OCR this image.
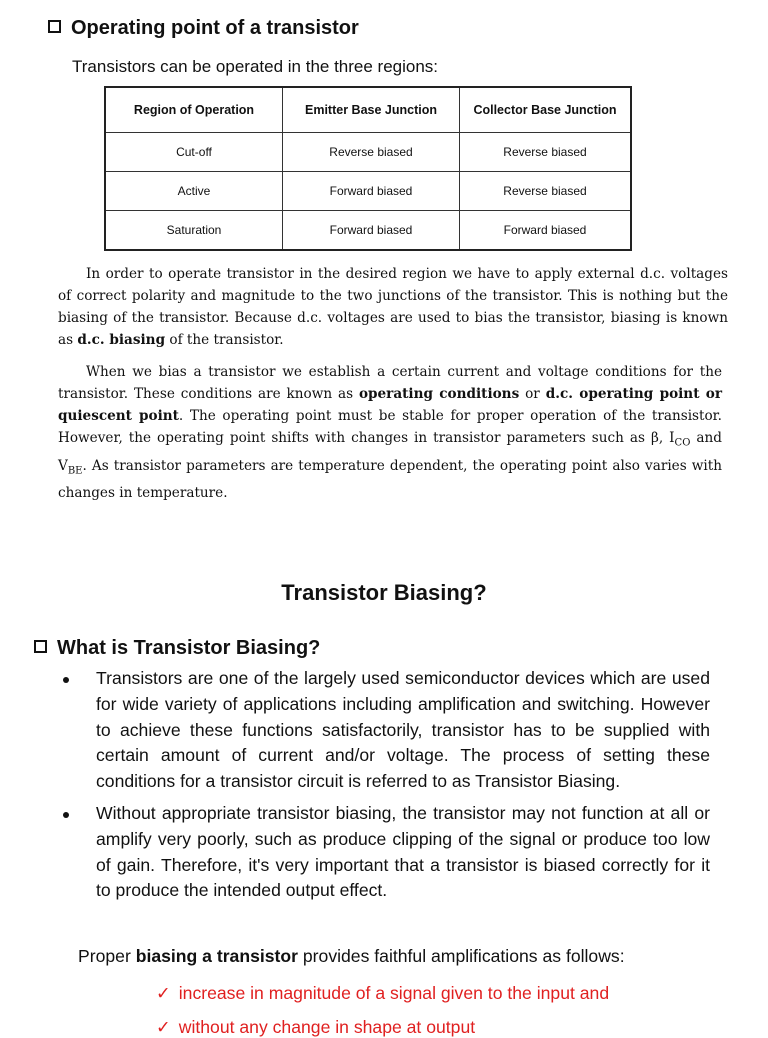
Operating point of a transistor
Transistors can be operated in the three regions:
Region of Operation	Emitter Base Junction	Collector Base Junction
Cut-off	Reverse biased	Reverse biased
Active	Forward biased	Reverse biased
Saturation	Forward biased	Forward biased

In order to operate transistor in the desired region we have to apply external d.c. voltages of correct polarity and magnitude to the two junctions of the transistor. This is nothing but the biasing of the transistor. Because d.c. voltages are used to bias the transistor, biasing is known as d.c. biasing of the transistor.

When we bias a transistor we establish a certain current and voltage conditions for the transistor. These conditions are known as operating conditions or d.c. operating point or quiescent point. The operating point must be stable for proper operation of the transistor. However, the operating point shifts with changes in transistor parameters such as β, $I_{CO}$ and $V_{BE}$. As transistor parameters are temperature dependent, the operating point also varies with changes in temperature.

Transistor Biasing?
What is Transistor Biasing?
Transistors are one of the largely used semiconductor devices which are used for wide variety of applications including amplification and switching. However to achieve these functions satisfactorily, transistor has to be supplied with certain amount of current and/or voltage. The process of setting these conditions for a transistor circuit is referred to as Transistor Biasing.
Without appropriate transistor biasing, the transistor may not function at all or amplify very poorly, such as produce clipping of the signal or produce too low of gain. Therefore, it's very important that a transistor is biased correctly for it to produce the intended output effect.
Proper biasing a transistor provides faithful amplifications as follows:
✓ increase in magnitude of a signal given to the input and
✓ without any change in shape at output
